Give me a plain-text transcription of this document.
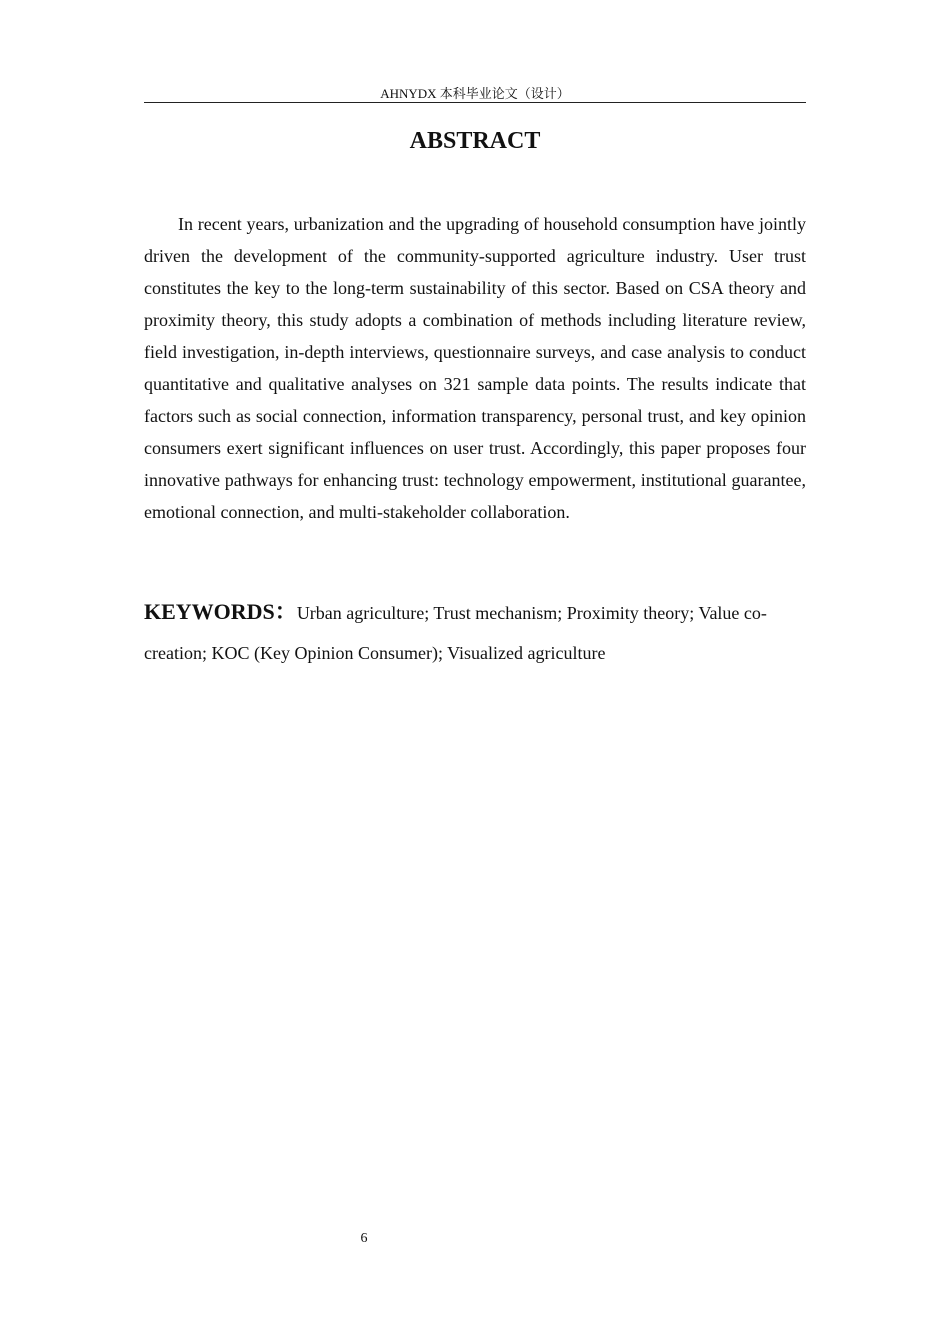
AHNYDX 本科毕业论文（设计）
ABSTRACT

In recent years, urbanization and the upgrading of household consumption have jointly driven the development of the community-supported agriculture industry. User trust constitutes the key to the long-term sustainability of this sector. Based on CSA theory and proximity theory, this study adopts a combination of methods including literature review, field investigation, in-depth interviews, questionnaire surveys, and case analysis to conduct quantitative and qualitative analyses on 321 sample data points. The results indicate that factors such as social connection, information transparency, personal trust, and key opinion consumers exert significant influences on user trust. Accordingly, this paper proposes four innovative pathways for enhancing trust: technology empowerment, institutional guarantee, emotional connection, and multi-stakeholder collaboration.

KEYWORDS：Urban agriculture; Trust mechanism; Proximity theory; Value co-creation; KOC (Key Opinion Consumer); Visualized agriculture

6
